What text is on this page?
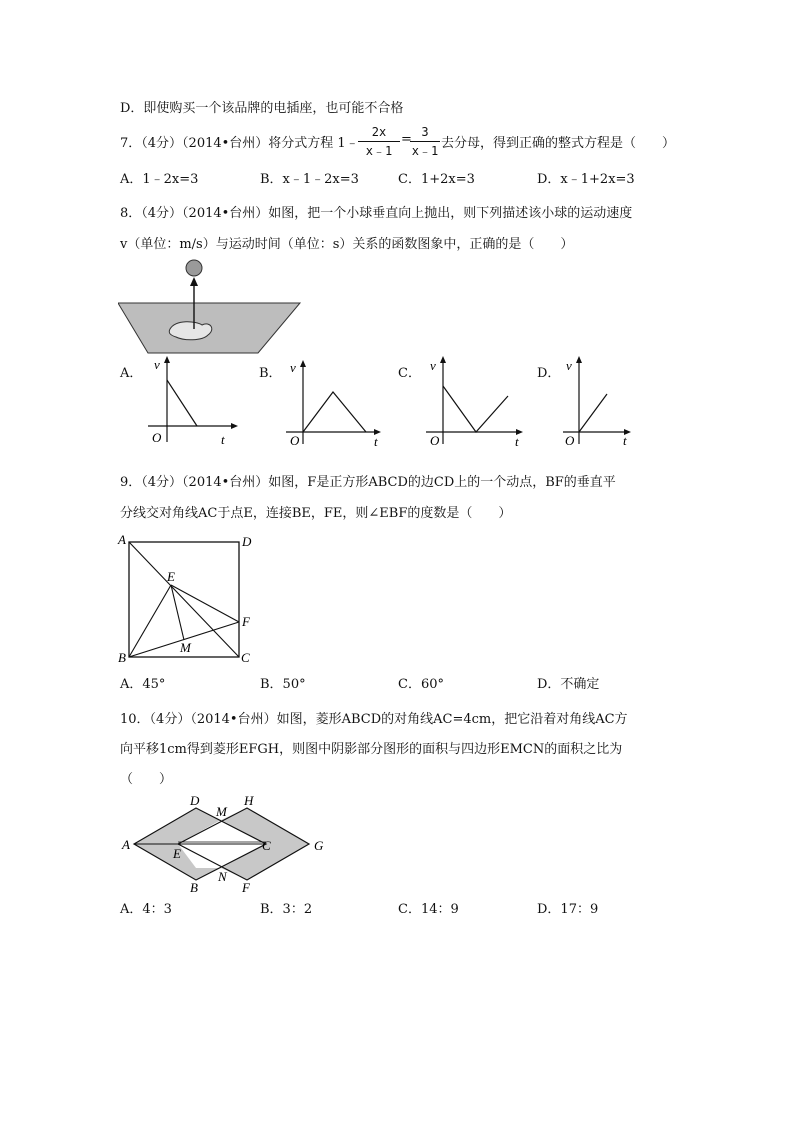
D．即使购买一个该品牌的电插座，也可能不合格
7．（4分）（2014•台州）将分式方程 1﹣
2x
x﹣1
= 3
x﹣1 去分母，得到正确的整式方程是（　　）
A．1﹣2x=3	B．x﹣1﹣2x=3	C．1+2x=3	D．x﹣1+2x=3
8．（4分）（2014•台州）如图，把一个小球垂直向上抛出，则下列描述该小球的运动速度
v（单位：m/s）与运动时间（单位：s）关系的函数图象中，正确的是（　　）
A．
v
t
O
B． v
t
O
C．
v
t
O
D．
v
t
O
9．（4分）（2014•台州）如图，F是正方形ABCD的边CD上的一个动点，BF的垂直平
分线交对角线AC于点E，连接BE，FE，则∠EBF的度数是（　　）
A	D
B	C
E
F
M
A．45°	B．50°	C．60°	D．不确定
10．（4分）（2014•台州）如图，菱形ABCD的对角线AC=4cm，把它沿着对角线AC方
向平移1cm得到菱形EFGH，则图中阴影部分图形的面积与四边形EMCN的面积之比为
（　　）
A
D
M
H
E
C	G
N
B	F
A．4：3	B．3：2	C．14：9	D．17：9
